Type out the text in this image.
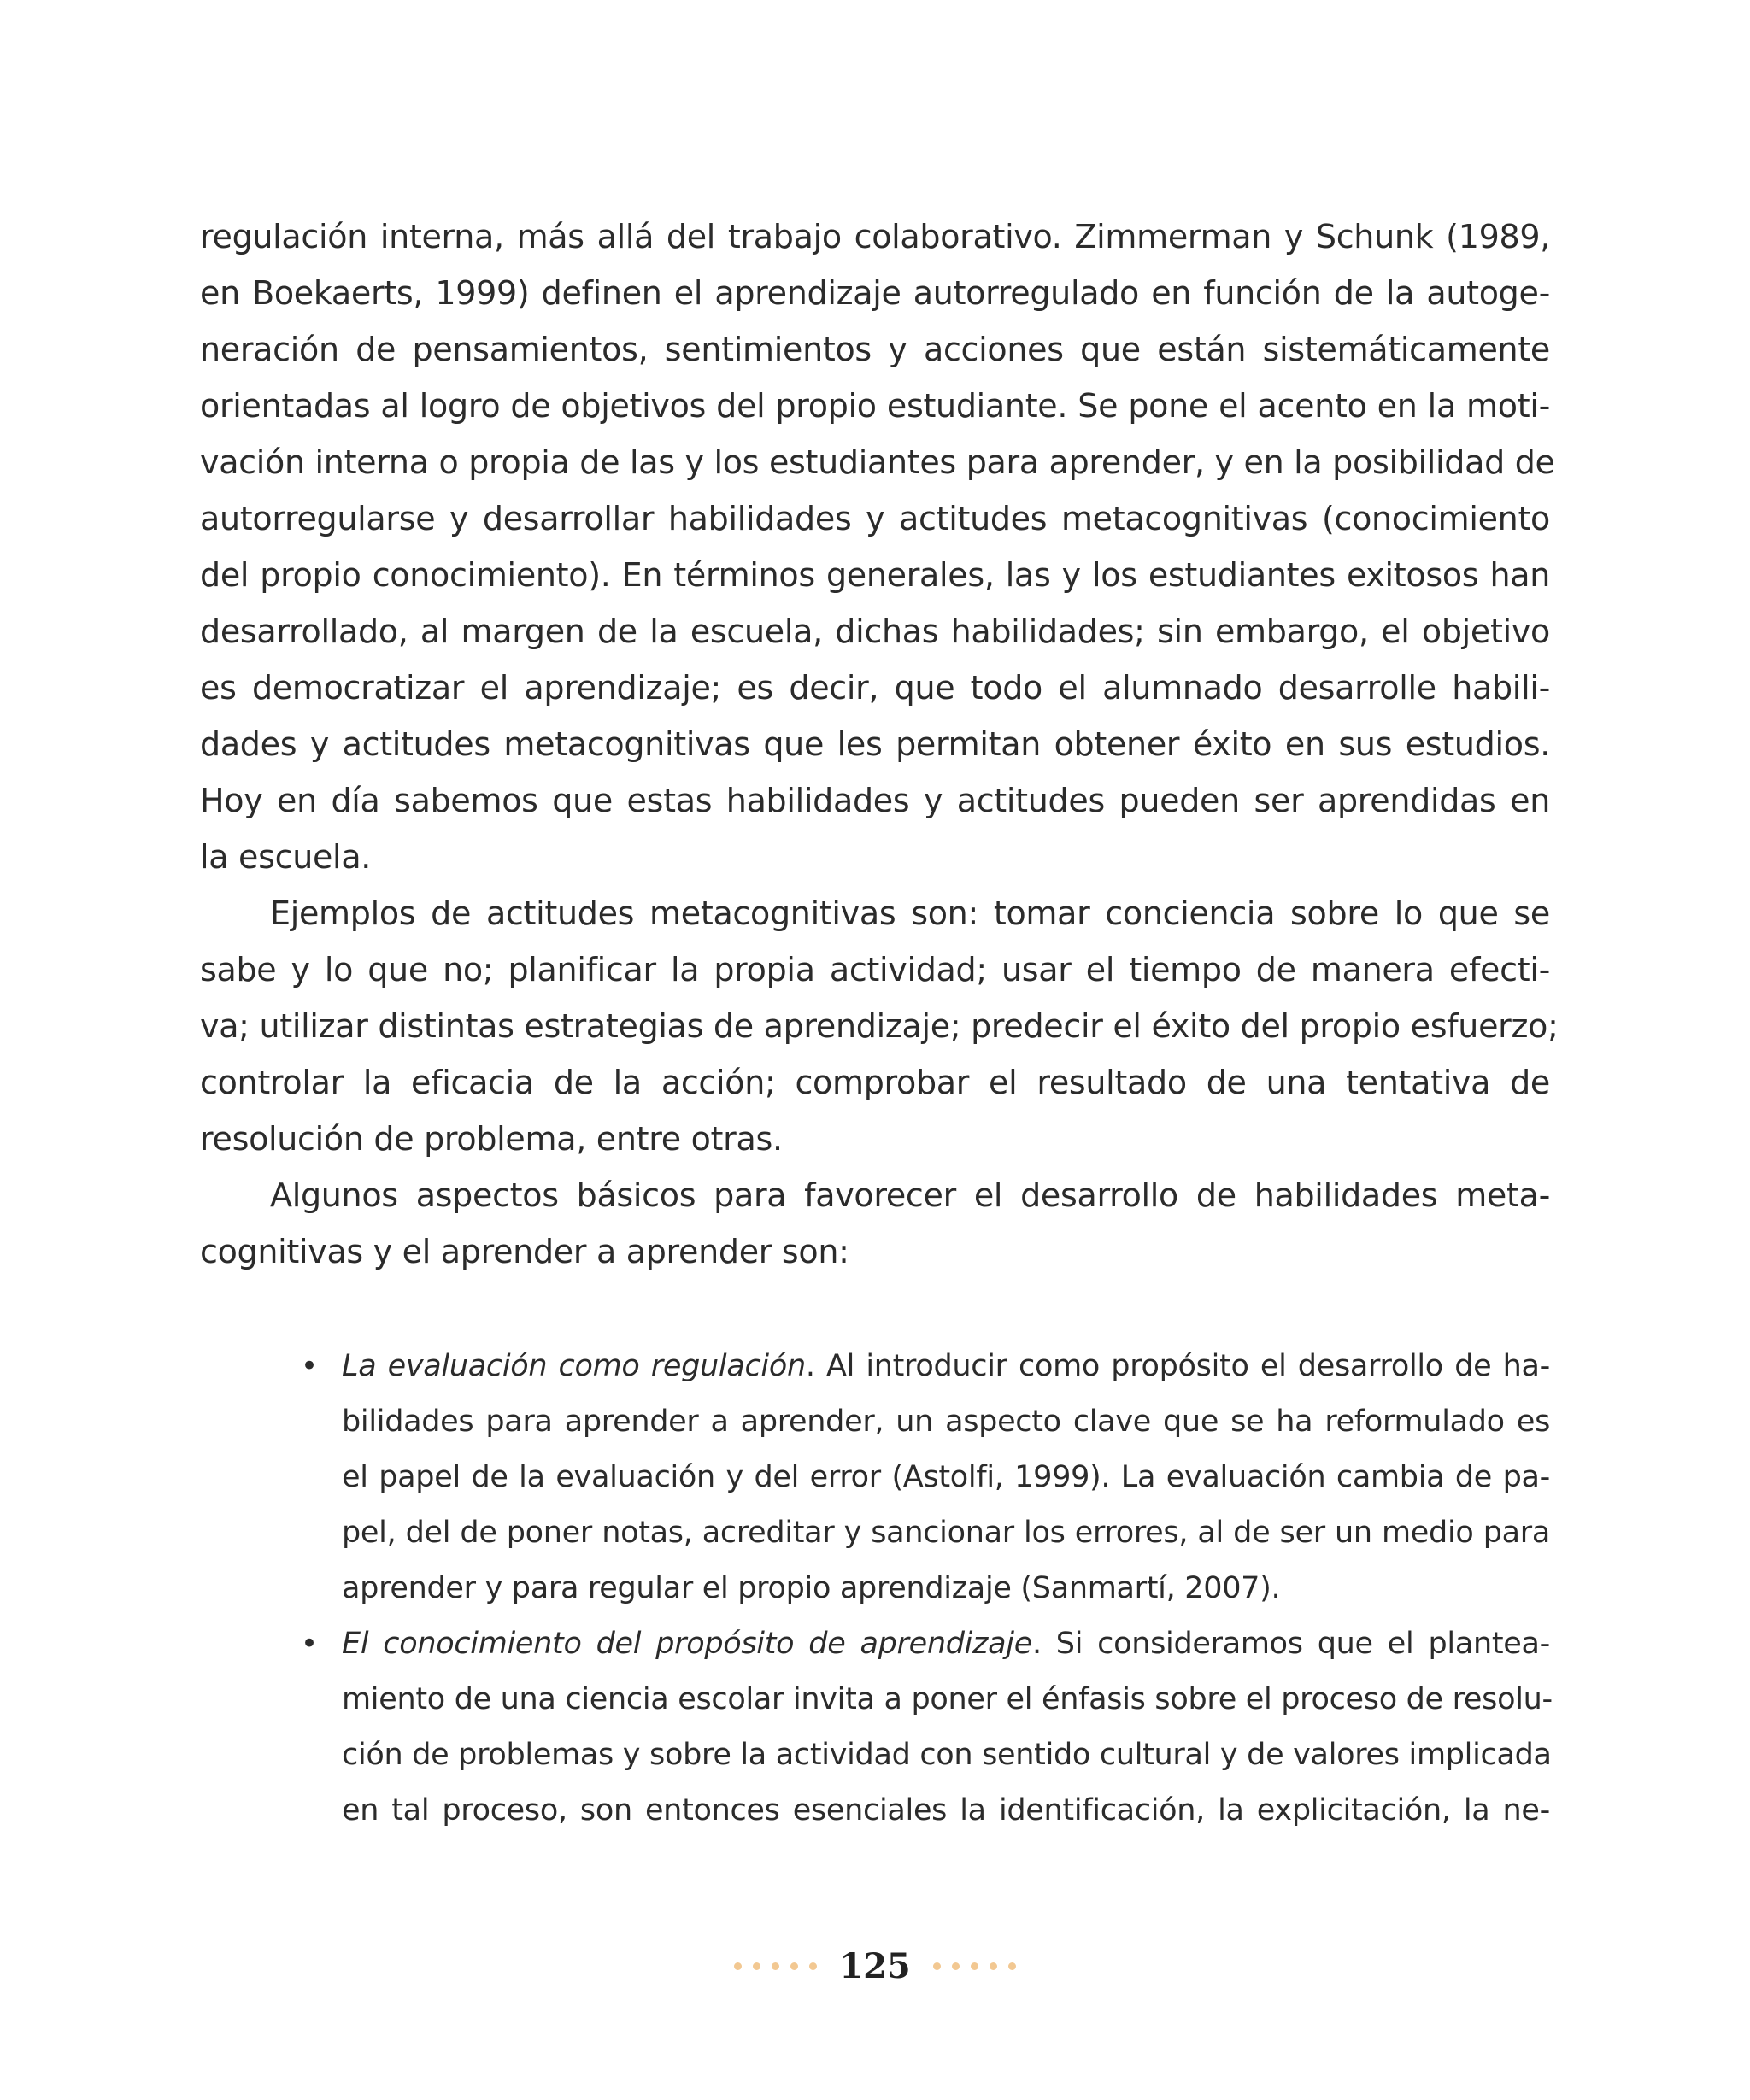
regulación interna, más allá del trabajo colaborativo. Zimmerman y Schunk (1989,
en Boekaerts, 1999) definen el aprendizaje autorregulado en función de la autoge-
neración de pensamientos, sentimientos y acciones que están sistemáticamente
orientadas al logro de objetivos del propio estudiante. Se pone el acento en la moti-
vación interna o propia de las y los estudiantes para aprender, y en la posibilidad de
autorregularse y desarrollar habilidades y actitudes metacognitivas (conocimiento
del propio conocimiento). En términos generales, las y los estudiantes exitosos han
desarrollado, al margen de la escuela, dichas habilidades; sin embargo, el objetivo
es democratizar el aprendizaje; es decir, que todo el alumnado desarrolle habili-
dades y actitudes metacognitivas que les permitan obtener éxito en sus estudios.
Hoy en día sabemos que estas habilidades y actitudes pueden ser aprendidas en
la escuela.
Ejemplos de actitudes metacognitivas son: tomar conciencia sobre lo que se
sabe y lo que no; planificar la propia actividad; usar el tiempo de manera efecti-
va; utilizar distintas estrategias de aprendizaje; predecir el éxito del propio esfuerzo;
controlar la eficacia de la acción; comprobar el resultado de una tentativa de
resolución de problema, entre otras.
Algunos aspectos básicos para favorecer el desarrollo de habilidades meta-
cognitivas y el aprender a aprender son:
• La evaluación como regulación. Al introducir como propósito el desarrollo de ha-
bilidades para aprender a aprender, un aspecto clave que se ha reformulado es
el papel de la evaluación y del error (Astolfi, 1999). La evaluación cambia de pa-
pel, del de poner notas, acreditar y sancionar los errores, al de ser un medio para
aprender y para regular el propio aprendizaje (Sanmartí, 2007).
• El conocimiento del propósito de aprendizaje. Si consideramos que el plantea-
miento de una ciencia escolar invita a poner el énfasis sobre el proceso de resolu-
ción de problemas y sobre la actividad con sentido cultural y de valores implicada
en tal proceso, son entonces esenciales la identificación, la explicitación, la ne-
125
